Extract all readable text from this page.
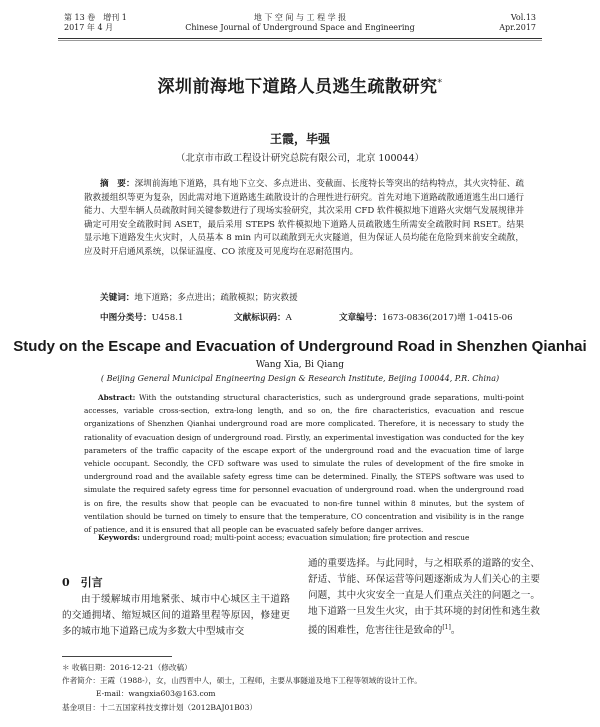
第 13 卷　增刊 1
2017 年 4 月
地 下 空 间 与 工 程 学 报
Chinese Journal of Underground Space and Engineering
Vol.13
Apr.2017
深圳前海地下道路人员逃生疏散研究*
王霞，毕强
（北京市市政工程设计研究总院有限公司，北京 100044）
摘　要：深圳前海地下道路，具有地下立交、多点进出、变截面、长度特长等突出的结构特点，其火灾特征、疏散救援组织等更为复杂，因此需对地下道路逃生疏散设计的合理性进行研究。首先对地下道路疏散通道逃生出口通行能力、大型车辆人员疏散时间关键参数进行了现场实验研究，其次采用 CFD 软件模拟地下道路火灾烟气发展规律并确定可用安全疏散时间 ASET，最后采用 STEPS 软件模拟地下道路人员疏散逃生所需安全疏散时间 RSET。结果显示地下道路发生火灾时，人员基本 8 min 内可以疏散到无火灾隧道，但为保证人员均能在危险到来前安全疏散，应及时开启通风系统，以保证温度、CO 浓度及可见度均在忍耐范围内。
关键词：地下道路；多点进出；疏散模拟；防灾救援
中图分类号：U458.1	文献标识码：A	文章编号：1673-0836(2017)增 1-0415-06
Study on the Escape and Evacuation of Underground Road in Shenzhen Qianhai
Wang Xia, Bi Qiang
( Beijing General Municipal Engineering Design & Research Institute, Beijing 100044, P.R. China)
Abstract: With the outstanding structural characteristics, such as underground grade separations, multi-point accesses, variable cross-section, extra-long length, and so on, the fire characteristics, evacuation and rescue organizations of Shenzhen Qianhai underground road are more complicated. Therefore, it is necessary to study the rationality of evacuation design of underground road. Firstly, an experimental investigation was conducted for the key parameters of the traffic capacity of the escape export of the underground road and the evacuation time of large vehicle occupant. Secondly, the CFD software was used to simulate the rules of development of the fire smoke in underground road and the available safety egress time can be determined. Finally, the STEPS software was used to simulate the required safety egress time for personnel evacuation of underground road. when the underground road is on fire, the results show that people can be evacuated to non-fire tunnel within 8 minutes, but the system of ventilation should be turned on timely to ensure that the temperature, CO concentration and visibility is in the range of patience, and it is ensured that all people can be evacuated safely before danger arrives.
Keywords: underground road; multi-point access; evacuation simulation; fire protection and rescue
0　引言
由于缓解城市用地紧张、城市中心城区主干道路的交通拥堵、缩短城区间的道路里程等原因，修建更多的城市地下道路已成为多数大中型城市交
通的重要选择。与此同时，与之相联系的道路的安全、舒适、节能、环保运营等问题逐渐成为人们关心的主要问题，其中火灾安全一直是人们重点关注的问题之一。地下道路一旦发生火灾，由于其环境的封闭性和逃生救援的困难性，危害往往是致命的[1]。
＊ 收稿日期：2016-12-21（修改稿）
作者简介：王霞（1988-），女，山西晋中人，硕士，工程师，主要从事隧道及地下工程等领域的设计工作。
E-mail：wangxia603@163.com
基金项目：十二五国家科技支撑计划（2012BAJ01B03）
